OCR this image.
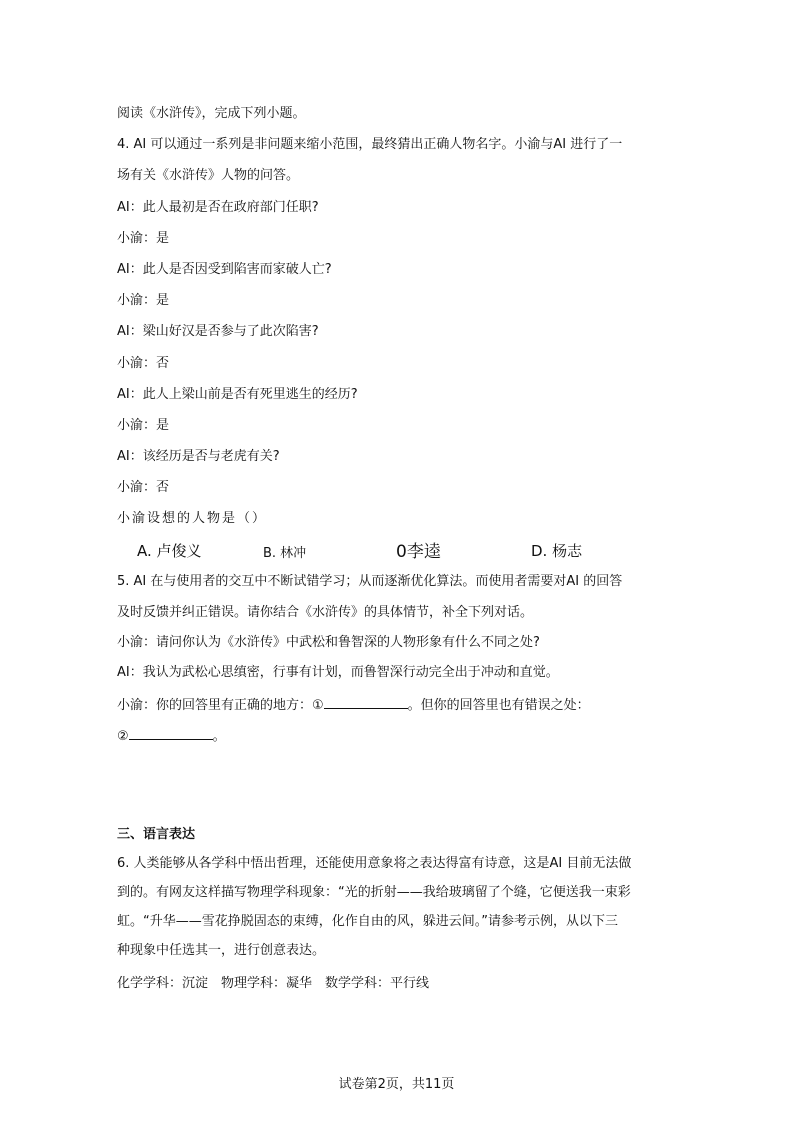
阅读《水浒传》，完成下列小题。
4. AI 可以通过一系列是非问题来缩小范围，最终猜出正确人物名字。小渝与AI 进行了一
场有关《水浒传》人物的问答。
AI：此人最初是否在政府部门任职?
小渝：是
AI：此人是否因受到陷害而家破人亡?
小渝：是
AI：梁山好汉是否参与了此次陷害?
小渝：否
AI：此人上梁山前是否有死里逃生的经历?
小渝：是
AI：该经历是否与老虎有关?
小渝：否
小渝设想的人物是（）
A. 卢俊义	B. 林冲	0李逵	D. 杨志
5. AI 在与使用者的交互中不断试错学习；从而逐渐优化算法。而使用者需要对AI 的回答
及时反馈并纠正错误。请你结合《水浒传》的具体情节，补全下列对话。
小渝：请问你认为《水浒传》中武松和鲁智深的人物形象有什么不同之处?
AI：我认为武松心思缜密，行事有计划，而鲁智深行动完全出于冲动和直觉。
小渝：你的回答里有正确的地方：①	。但你的回答里也有错误之处：
②	。
三、语言表达
6. 人类能够从各学科中悟出哲理，还能使用意象将之表达得富有诗意，这是AI 目前无法做
到的。有网友这样描写物理学科现象：“光的折射——我给玻璃留了个缝，它便送我一束彩
虹。“升华——雪花挣脱固态的束缚，化作自由的风，躲进云间。”请参考示例，从以下三
种现象中任选其一，进行创意表达。
化学学科：沉淀　物理学科：凝华　数学学科：平行线
试卷第2页，共11页
